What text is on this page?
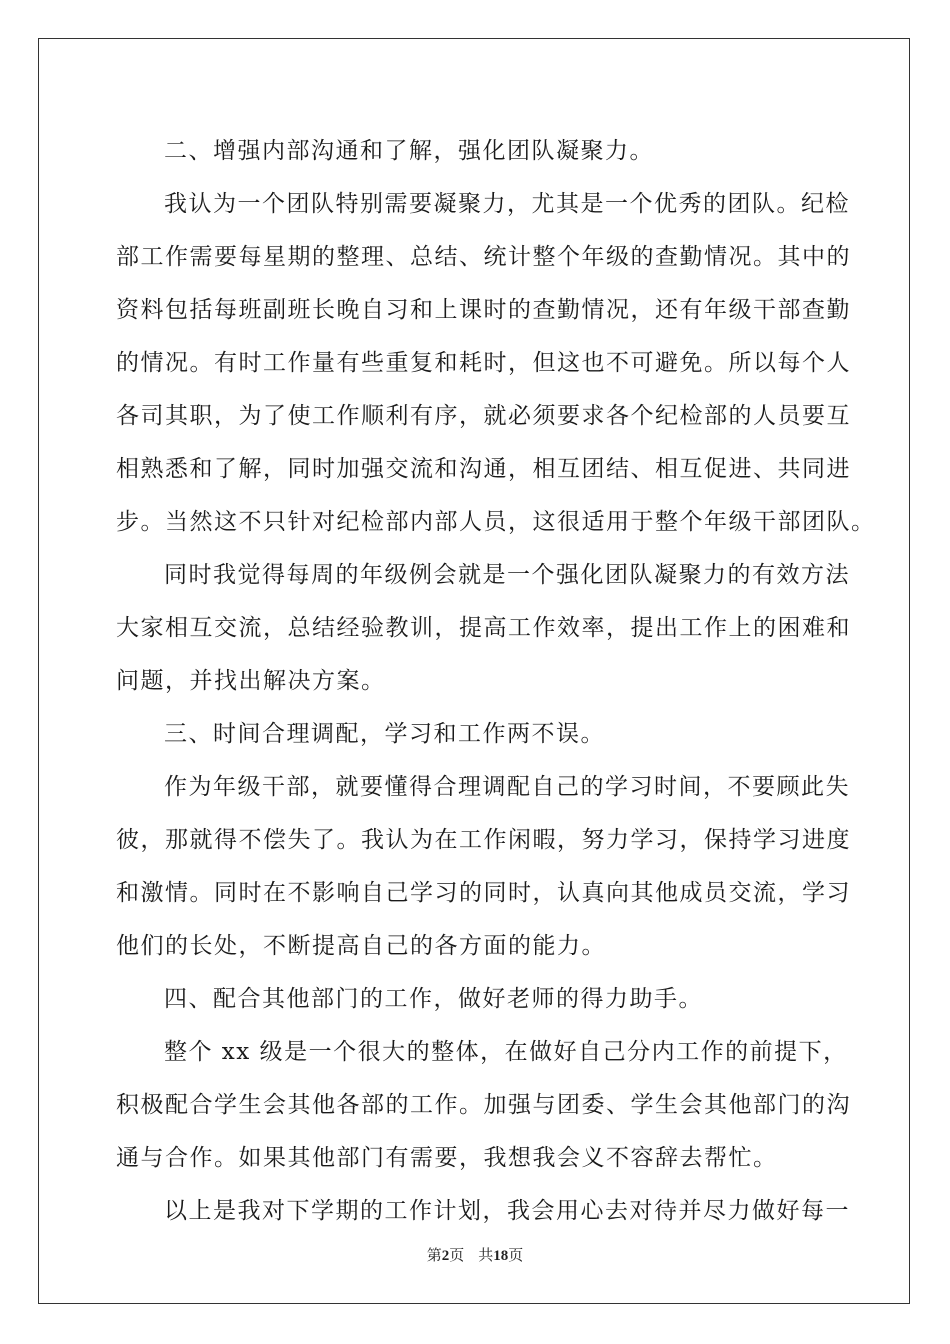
二、增强内部沟通和了解，强化团队凝聚力。
我认为一个团队特别需要凝聚力，尤其是一个优秀的团队。纪检
部工作需要每星期的整理、总结、统计整个年级的查勤情况。其中的
资料包括每班副班长晚自习和上课时的查勤情况，还有年级干部查勤
的情况。有时工作量有些重复和耗时，但这也不可避免。所以每个人
各司其职，为了使工作顺利有序，就必须要求各个纪检部的人员要互
相熟悉和了解，同时加强交流和沟通，相互团结、相互促进、共同进
步。当然这不只针对纪检部内部人员，这很适用于整个年级干部团队。
同时我觉得每周的年级例会就是一个强化团队凝聚力的有效方法
大家相互交流，总结经验教训，提高工作效率，提出工作上的困难和
问题，并找出解决方案。
三、时间合理调配，学习和工作两不误。
作为年级干部，就要懂得合理调配自己的学习时间，不要顾此失
彼，那就得不偿失了。我认为在工作闲暇，努力学习，保持学习进度
和激情。同时在不影响自己学习的同时，认真向其他成员交流，学习
他们的长处，不断提高自己的各方面的能力。
四、配合其他部门的工作，做好老师的得力助手。
整个 xx 级是一个很大的整体，在做好自己分内工作的前提下，
积极配合学生会其他各部的工作。加强与团委、学生会其他部门的沟
通与合作。如果其他部门有需要，我想我会义不容辞去帮忙。
以上是我对下学期的工作计划，我会用心去对待并尽力做好每一
第2页 共18页
